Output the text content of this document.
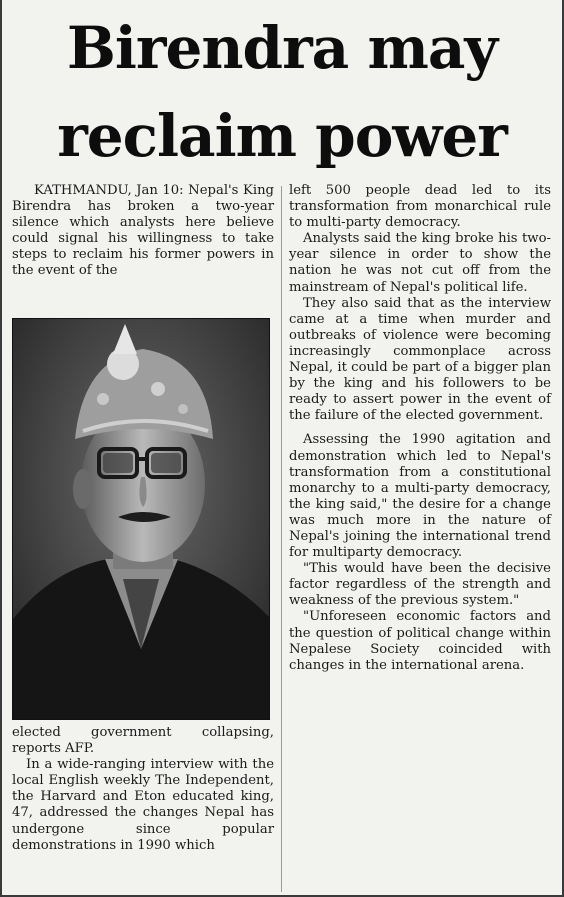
Birendra may
reclaim power

KATHMANDU, Jan 10: Nepal's King Birendra has broken a two-year silence which analysts here believe could signal his willingness to take steps to reclaim his former powers in the event of the

elected government collapsing, reports AFP.

In a wide-ranging interview with the local English weekly The Independent, the Harvard and Eton educated king, 47, addressed the changes Nepal has undergone since popular demonstrations in 1990 which

left 500 people dead led to its transformation from monarchical rule to multi-party democracy.

Analysts said the king broke his two-year silence in order to show the nation he was not cut off from the mainstream of Nepal's political life.

They also said that as the interview came at a time when murder and outbreaks of violence were becoming increasingly commonplace across Nepal, it could be part of a bigger plan by the king and his followers to be ready to assert power in the event of the failure of the elected government.

Assessing the 1990 agitation and demonstration which led to Nepal's transformation from a constitutional monarchy to a multi-party democracy, the king said," the desire for a change was much more in the nature of Nepal's joining the international trend for multiparty democracy.

"This would have been the decisive factor regardless of the strength and weakness of the previous system."

"Unforeseen economic factors and the question of political change within Nepalese Society coincided with changes in the international arena.
